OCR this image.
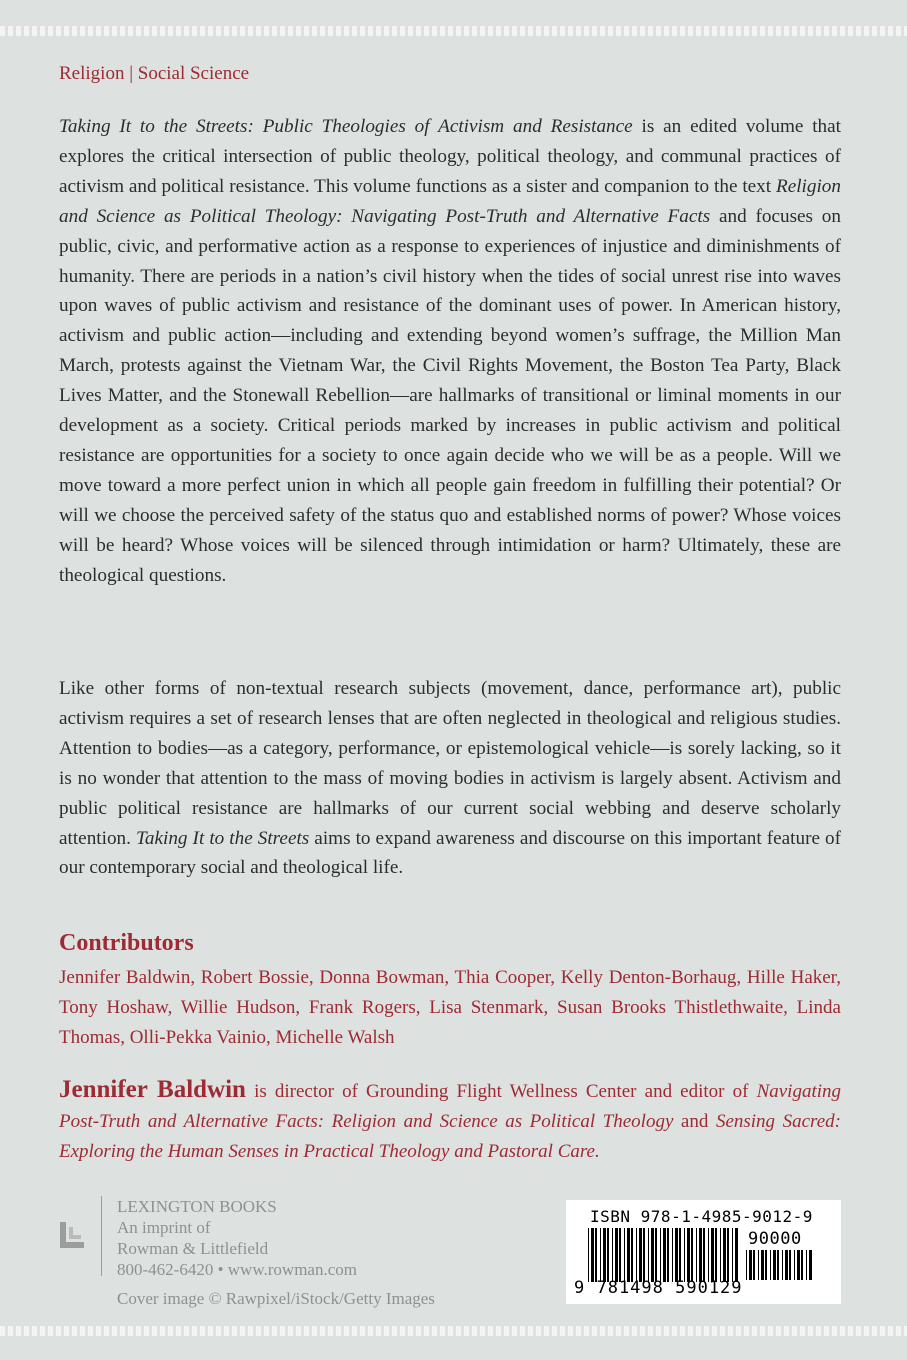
Religion | Social Science
Taking It to the Streets: Public Theologies of Activism and Resistance is an edited volume that explores the critical intersection of public theology, political theology, and communal practices of activism and political resistance. This volume functions as a sister and companion to the text Religion and Science as Political Theology: Navigating Post-Truth and Alternative Facts and focuses on public, civic, and performative action as a response to experiences of injustice and diminishments of humanity. There are periods in a nation’s civil history when the tides of social unrest rise into waves upon waves of public activism and resistance of the dominant uses of power. In American history, activism and public action—including and extending beyond women’s suffrage, the Million Man March, protests against the Vietnam War, the Civil Rights Movement, the Boston Tea Party, Black Lives Matter, and the Stonewall Rebellion—are hallmarks of transitional or liminal moments in our development as a society. Critical periods marked by increases in public activism and political resistance are opportunities for a society to once again decide who we will be as a people. Will we move toward a more perfect union in which all people gain freedom in fulfilling their potential? Or will we choose the perceived safety of the status quo and established norms of power? Whose voices will be heard? Whose voices will be silenced through intimidation or harm? Ultimately, these are theological questions.
Like other forms of non-textual research subjects (movement, dance, performance art), public activism requires a set of research lenses that are often neglected in theological and religious studies. Attention to bodies—as a category, performance, or epistemological vehicle—is sorely lacking, so it is no wonder that attention to the mass of moving bodies in activism is largely absent. Activism and public political resistance are hallmarks of our current social webbing and deserve scholarly attention. Taking It to the Streets aims to expand awareness and discourse on this important feature of our contemporary social and theological life.
Contributors
Jennifer Baldwin, Robert Bossie, Donna Bowman, Thia Cooper, Kelly Denton-Borhaug, Hille Haker, Tony Hoshaw, Willie Hudson, Frank Rogers, Lisa Stenmark, Susan Brooks Thistlethwaite, Linda Thomas, Olli-Pekka Vainio, Michelle Walsh
Jennifer Baldwin is director of Grounding Flight Wellness Center and editor of Navigating Post-Truth and Alternative Facts: Religion and Science as Political Theology and Sensing Sacred: Exploring the Human Senses in Practical Theology and Pastoral Care.
LEXINGTON BOOKS
An imprint of
Rowman & Littlefield
800-462-6420 • www.rowman.com
Cover image © Rawpixel/iStock/Getty Images
ISBN 978-1-4985-9012-9
90000
9 781498 590129
